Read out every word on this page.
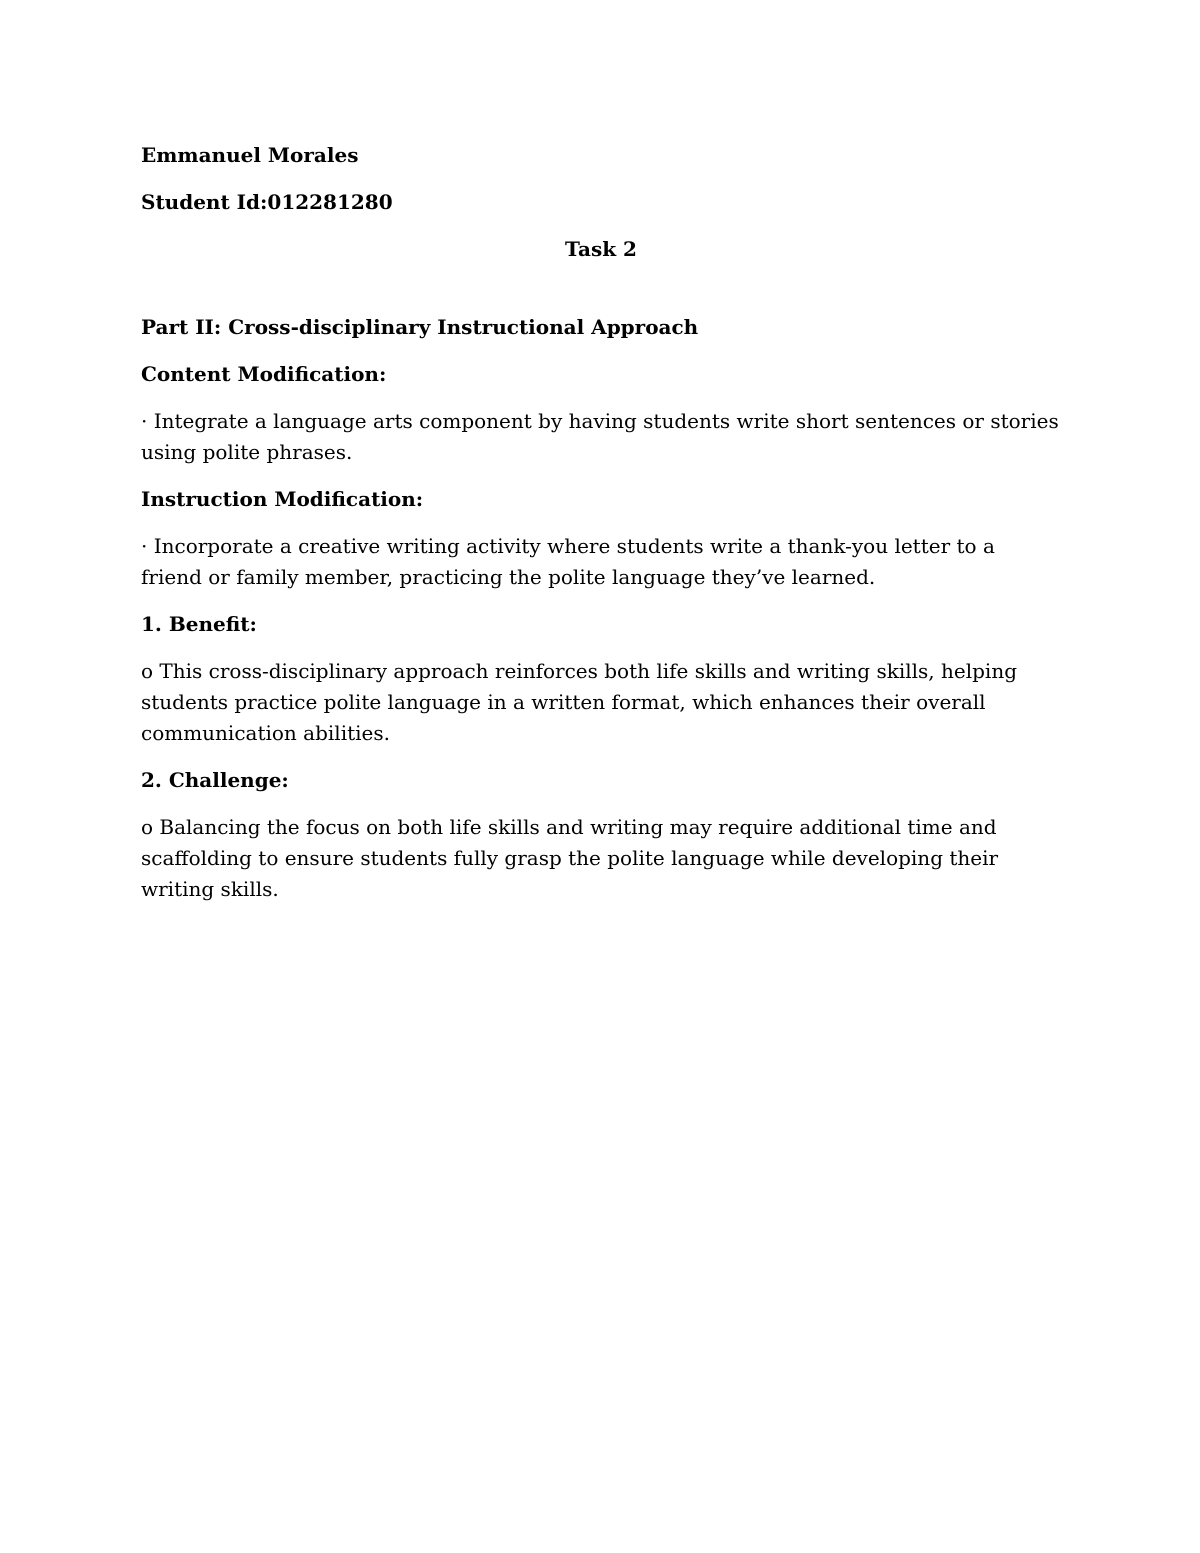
Emmanuel Morales

Student Id:012281280

Task 2

Part II: Cross-disciplinary Instructional Approach

Content Modification:

· Integrate a language arts component by having students write short sentences or stories using polite phrases.

Instruction Modification:

· Incorporate a creative writing activity where students write a thank-you letter to a friend or family member, practicing the polite language they’ve learned.

1. Benefit:

o This cross-disciplinary approach reinforces both life skills and writing skills, helping students practice polite language in a written format, which enhances their overall communication abilities.

2. Challenge:

o Balancing the focus on both life skills and writing may require additional time and scaffolding to ensure students fully grasp the polite language while developing their writing skills.
